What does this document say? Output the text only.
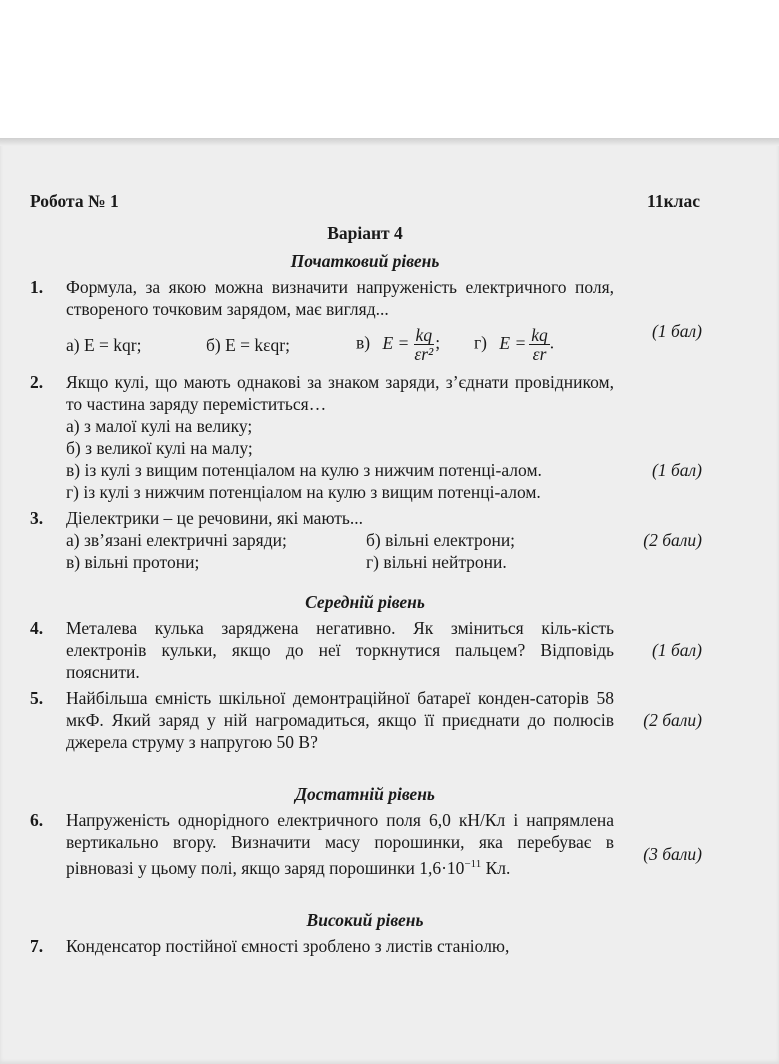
Робота № 1	11клас
Варіант 4
Початковий рівень
1.	Формула, за якою можна визначити напруженість електричного поля, створеного точковим зарядом, має вигляд...
а) E = kqr;	б) E = kεqr;	в) $E = \frac{kq}{\text{εr²}}$ ;	г) $E = \frac{kq}{\varepsilon r}$ .
(1 бал)
2.	Якщо кулі, що мають однакові за знаком заряди, з’єднати провідником, то частина заряду переміститься…
а) з малої кулі на велику;
б) з великої кулі на малу;
в) із кулі з вищим потенціалом на кулю з нижчим потенці-алом.
г) із кулі з нижчим потенціалом на кулю з вищим потенці-алом.
(1 бал)
3.	Діелектрики – це речовини, які мають...
а) зв’язані електричні заряди;	б) вільні електрони;
в) вільні протони;	г) вільні нейтрони.
(2 бали)
Середній рівень
4.	Металева кулька заряджена негативно. Як зміниться кіль-кість електронів кульки, якщо до неї торкнутися пальцем? Відповідь пояснити.
(1 бал)
5.	Найбільша ємність шкільної демонтраційної батареї конден-саторів 58 мкФ. Який заряд у ній нагромадиться, якщо її приєднати до полюсів джерела струму з напругою 50 В?
(2 бали)
Достатній рівень
6.	Напруженість однорідного електричного поля 6,0 кН/Кл і напрямлена вертикально вгору. Визначити масу порошинки, яка перебуває в рівновазі у цьому полі, якщо заряд порошинки $1,6\cdot 10^{-11}$ Кл.
(3 бали)
Високий рівень
7.	Конденсатор постійної ємності зроблено з листів станіолю,
